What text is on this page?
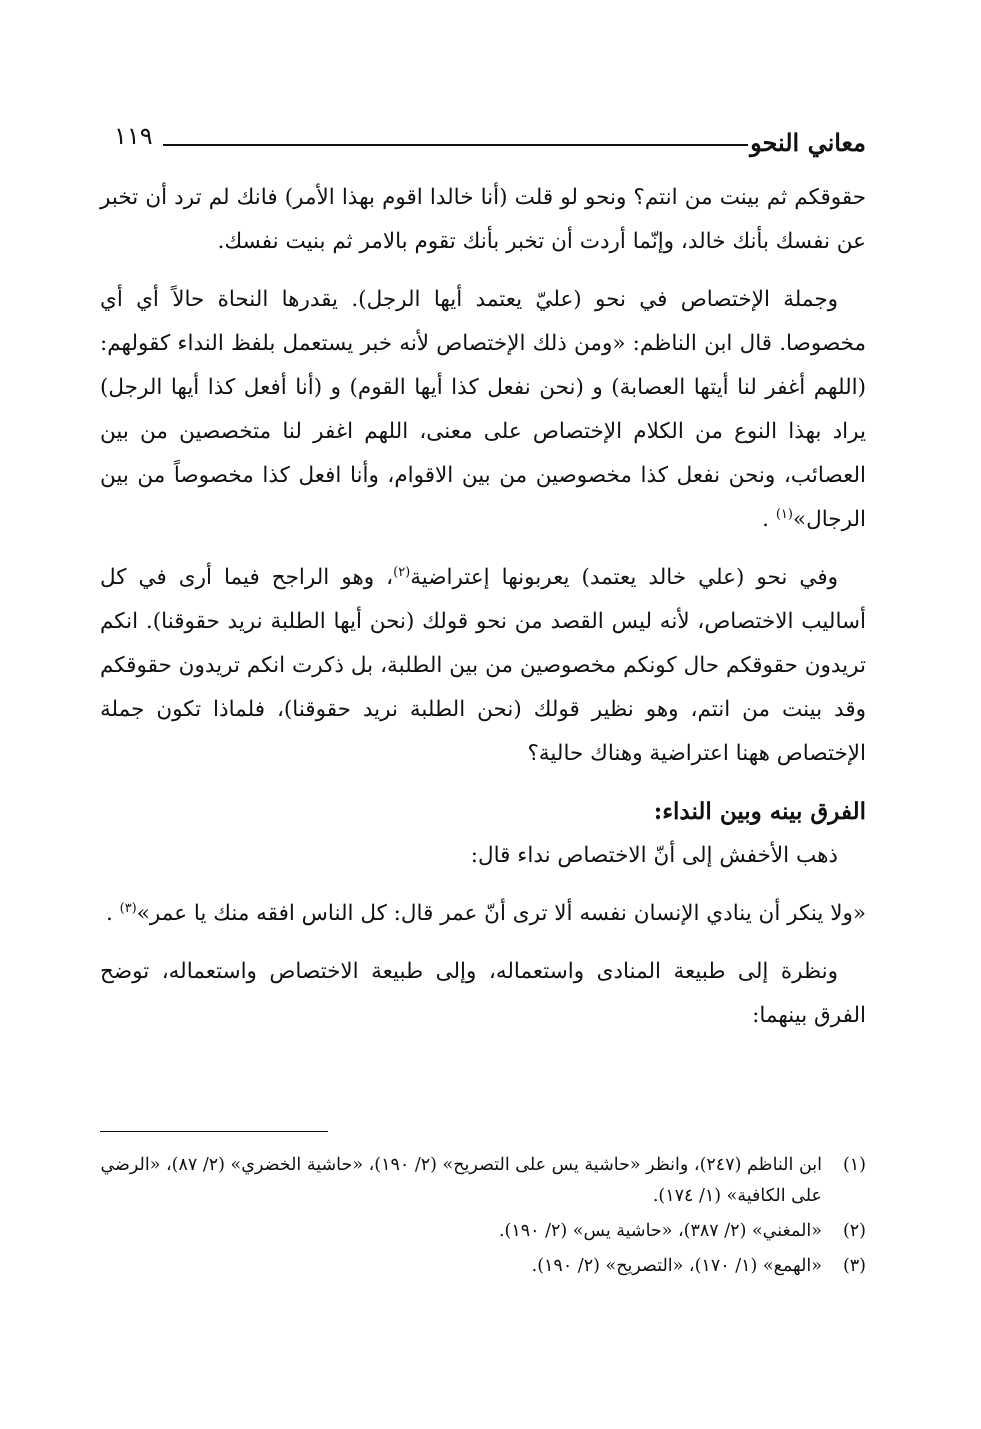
١١٩	معاني النحو

حقوقكم ثم بينت من انتم؟ ونحو لو قلت (أنا خالدا اقوم بهذا الأمر) فانك لم ترد أن تخبر عن نفسك بأنك خالد، وإنّما أردت أن تخبر بأنك تقوم بالامر ثم بنيت نفسك.

وجملة الإختصاص في نحو (عليّ يعتمد أيها الرجل). يقدرها النحاة حالاً أي أي مخصوصا. قال ابن الناظم: «ومن ذلك الإختصاص لأنه خبر يستعمل بلفظ النداء كقولهم: (اللهم أغفر لنا أيتها العصابة) و (نحن نفعل كذا أيها القوم) و (أنا أفعل كذا أيها الرجل) يراد بهذا النوع من الكلام الإختصاص على معنى، اللهم اغفر لنا متخصصين من بين العصائب، ونحن نفعل كذا مخصوصين من بين الاقوام، وأنا افعل كذا مخصوصاً من بين الرجال»$^{(١)}$ .

وفي نحو (علي خالد يعتمد) يعربونها إعتراضية$^{(٢)}$، وهو الراجح فيما أرى في كل أساليب الاختصاص، لأنه ليس القصد من نحو قولك (نحن أيها الطلبة نريد حقوقنا). انكم تريدون حقوقكم حال كونكم مخصوصين من بين الطلبة، بل ذكرت انكم تريدون حقوقكم وقد بينت من انتم، وهو نظير قولك (نحن الطلبة نريد حقوقنا)، فلماذا تكون جملة الإختصاص ههنا اعتراضية وهناك حالية؟

الفرق بينه وبين النداء:

ذهب الأخفش إلى أنّ الاختصاص نداء قال:

«ولا ينكر أن ينادي الإنسان نفسه ألا ترى أنّ عمر قال: كل الناس افقه منك يا عمر»$^{(٣)}$ .

ونظرة إلى طبيعة المنادى واستعماله، وإلى طبيعة الاختصاص واستعماله، توضح الفرق بينهما:

(١)
ابن الناظم (٢٤٧)، وانظر «حاشية يس على التصريح» (٢/ ١٩٠)، «حاشية الخضري» (٢/ ٨٧)، «الرضي على الكافية» (١/ ١٧٤).
(٢)
«المغني» (٢/ ٣٨٧)، «حاشية يس» (٢/ ١٩٠).
(٣)
«الهمع» (١/ ١٧٠)، «التصريح» (٢/ ١٩٠).
